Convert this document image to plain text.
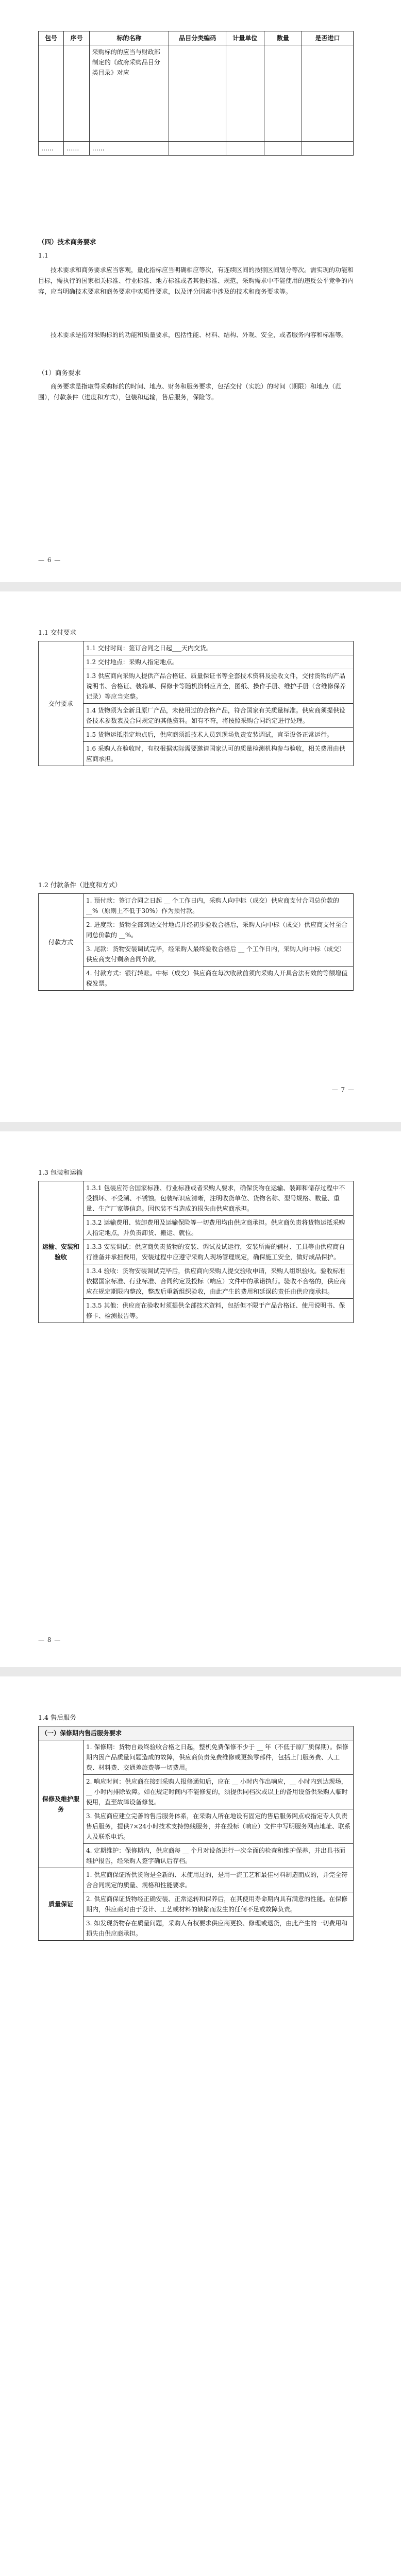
包号	序号	标的名称	品目分类编码	计量单位	数量	是否进口
		采购标的的应当与财政部制定的《政府采购品目分类目录》对应				
……	……	……				
（四）技术商务要求
1.1
技术要求和商务要求应当客观，量化指标应当明确相应等次，有连续区间的按照区间划分等次。需实现的功能和目标，需执行的国家相关标准、行业标准、地方标准或者其他标准、规范，采购需求中不能使用的违反公平竞争的内容，应当明确技术要求和商务要求中实质性要求，以及评分因素中涉及的技术和商务要求等。
技术要求是指对采购标的的功能和质量要求，包括性能、材料、结构、外观、安全，或者服务内容和标准等。
（1）商务要求
商务要求是指取得采购标的的时间、地点、财务和服务要求，包括交付（实施）的时间（期限）和地点（范围），付款条件（进度和方式），包装和运输，售后服务，保险等。
— 6 —
1.1 交付要求
交付要求	1.1 交付时间：签订合同之日起___天内交货。
1.2 交付地点：采购人指定地点。
1.3 供应商向采购人提供产品合格证、质量保证书等全套技术资料及验收文件，交付货物的产品说明书、合格证、装箱单、保修卡等随机资料应齐全，图纸、操作手册、维护手册（含维修保养记录）等应当完整。
1.4 货物须为全新且原厂产品，未使用过的合格产品，符合国家有关质量标准。供应商须提供设备技术参数表及合同规定的其他资料。如有不符，将按照采购合同约定进行处理。
1.5 货物运抵指定地点后，供应商须派技术人员到现场负责安装调试，直至设备正常运行。
1.6 采购人在验收时，有权根据实际需要邀请国家认可的质量检测机构参与验收，相关费用由供应商承担。
1.2 付款条件（进度和方式）
付款方式	1. 预付款：签订合同之日起 __ 个工作日内，采购人向中标（成交）供应商支付合同总价款的 __%（原则上不低于30%）作为预付款。
2. 进度款：货物全部到达交付地点并经初步验收合格后，采购人向中标（成交）供应商支付至合同总价款的 __%。
3. 尾款：货物安装调试完毕，经采购人最终验收合格后 __ 个工作日内，采购人向中标（成交）供应商支付剩余合同价款。
4. 付款方式：银行转账。中标（成交）供应商在每次收款前须向采购人开具合法有效的等额增值税发票。
— 7 —
1.3 包装和运输
运输、安装和验收	1.3.1 包装应符合国家标准、行业标准或者采购人要求，确保货物在运输、装卸和储存过程中不受损坏、不受潮、不锈蚀。包装标识应清晰，注明收货单位、货物名称、型号规格、数量、重量、生产厂家等信息。因包装不当造成的损失由供应商承担。
1.3.2 运输费用、装卸费用及运输保险等一切费用均由供应商承担。供应商负责将货物运抵采购人指定地点，并负责卸货、搬运、就位。
1.3.3 安装调试：供应商负责货物的安装、调试及试运行，安装所需的辅材、工具等由供应商自行准备并承担费用，安装过程中应遵守采购人现场管理规定，确保施工安全，做好成品保护。
1.3.4 验收：货物安装调试完毕后，供应商向采购人提交验收申请，采购人组织验收。验收标准依据国家标准、行业标准、合同约定及投标（响应）文件中的承诺执行。验收不合格的，供应商应在规定期限内整改，整改后重新组织验收，由此产生的费用和延误的责任由供应商承担。
1.3.5 其他：供应商在验收时须提供全部技术资料，包括但不限于产品合格证、使用说明书、保修卡、检测报告等。
— 8 —
1.4 售后服务
（一）保修期内售后服务要求	
保修及维护服务	1. 保修期：货物自最终验收合格之日起，整机免费保修不少于 __ 年（不低于原厂质保期）。保修期内因产品质量问题造成的故障，供应商负责免费维修或更换零部件，包括上门服务费、人工费、材料费、交通差旅费等一切费用。
	2. 响应时间：供应商在接到采购人报修通知后，应在 __ 小时内作出响应，__ 小时内到达现场，__ 小时内排除故障。如在规定时间内不能修复的，须提供同档次或以上的备用设备供采购人临时使用，直至故障设备修复。
	3. 供应商应建立完善的售后服务体系，在采购人所在地设有固定的售后服务网点或指定专人负责售后服务，提供7×24小时技术支持热线服务，并在投标（响应）文件中写明服务网点地址、联系人及联系电话。
	4. 定期维护：保修期内，供应商每 __ 个月对设备进行一次全面的检查和维护保养，并出具书面维护报告，经采购人签字确认后存档。
质量保证	1. 供应商保证所供货物是全新的、未使用过的，是用一流工艺和最佳材料制造而成的，并完全符合合同规定的质量、规格和性能要求。
	2. 供应商保证货物经正确安装、正常运转和保养后，在其使用寿命期内具有满意的性能。在保修期内，供应商对由于设计、工艺或材料的缺陷而发生的任何不足或故障负责。
	3. 如发现货物存在质量问题，采购人有权要求供应商更换、修理或退货，由此产生的一切费用和损失由供应商承担。
